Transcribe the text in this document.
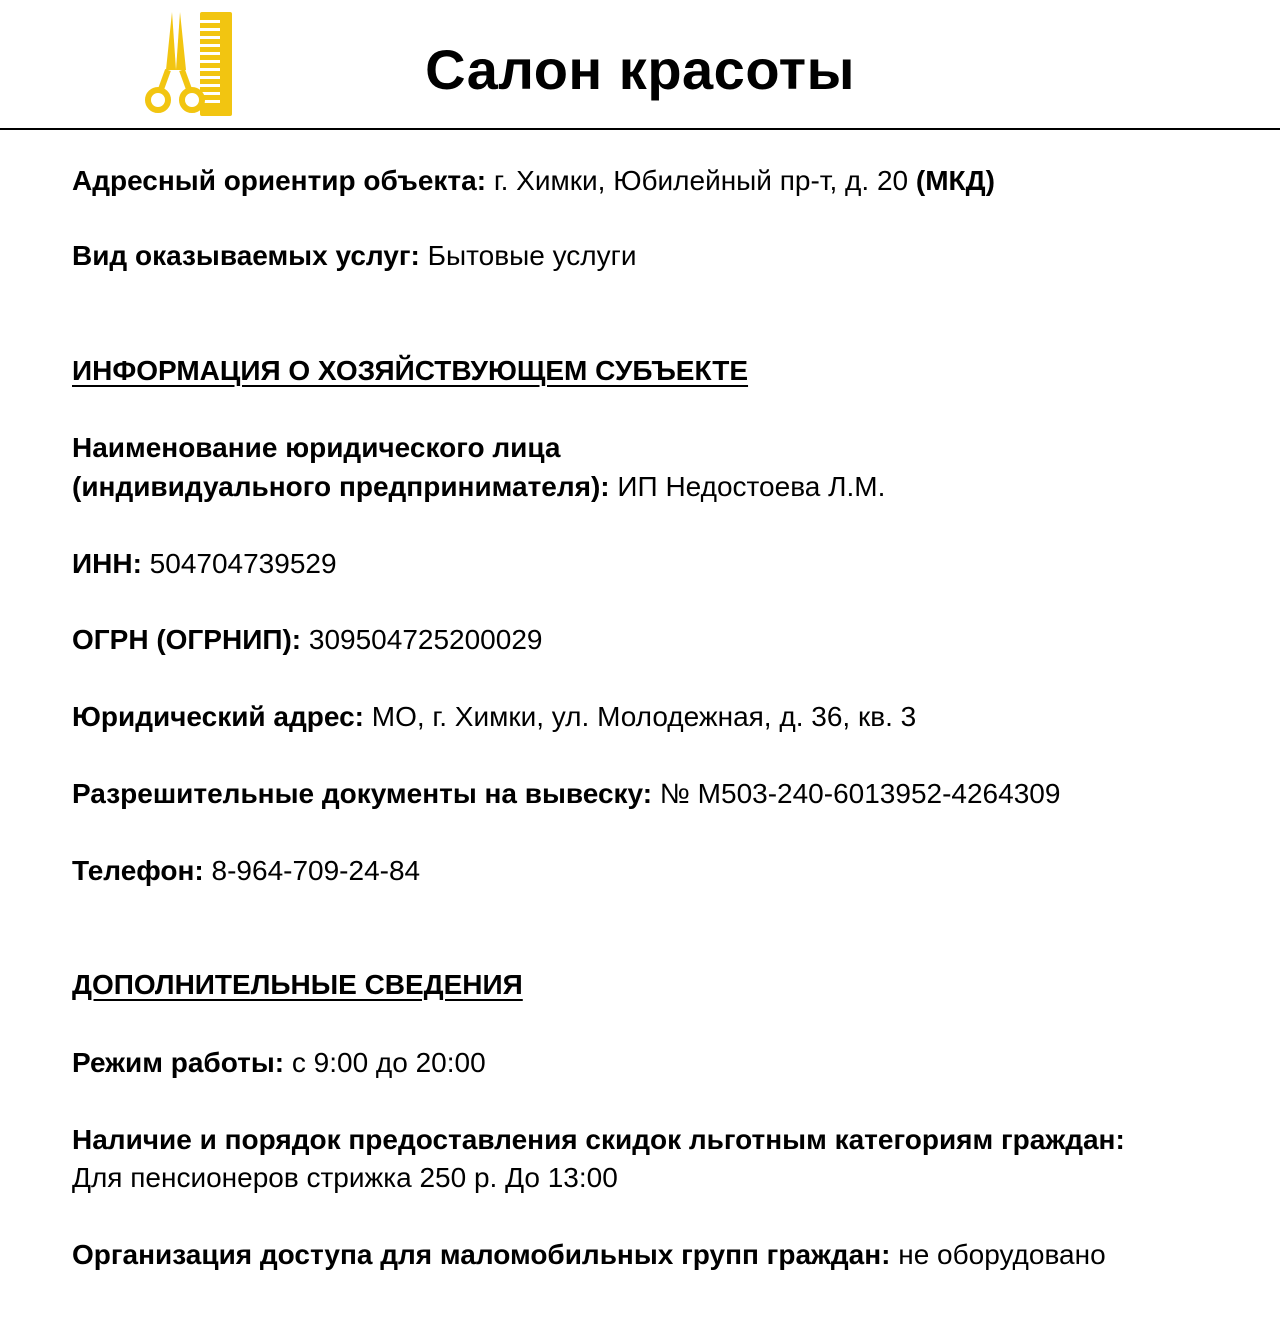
Салон красоты
Адресный ориентир объекта: г. Химки, Юбилейный пр-т, д. 20 (МКД)
Вид оказываемых услуг: Бытовые услуги
ИНФОРМАЦИЯ О ХОЗЯЙСТВУЮЩЕМ СУБЪЕКТЕ
Наименование юридического лица
(индивидуального предпринимателя): ИП Недостоева Л.М.
ИНН: 504704739529
ОГРН (ОГРНИП): 309504725200029
Юридический адрес: МО, г. Химки, ул. Молодежная, д. 36, кв. 3
Разрешительные документы на вывеску: № М503-240-6013952-4264309
Телефон: 8-964-709-24-84
ДОПОЛНИТЕЛЬНЫЕ СВЕДЕНИЯ
Режим работы: с 9:00 до 20:00
Наличие и порядок предоставления скидок льготным категориям граждан:
Для пенсионеров стрижка 250 р. До 13:00
Организация доступа для маломобильных групп граждан: не оборудовано
